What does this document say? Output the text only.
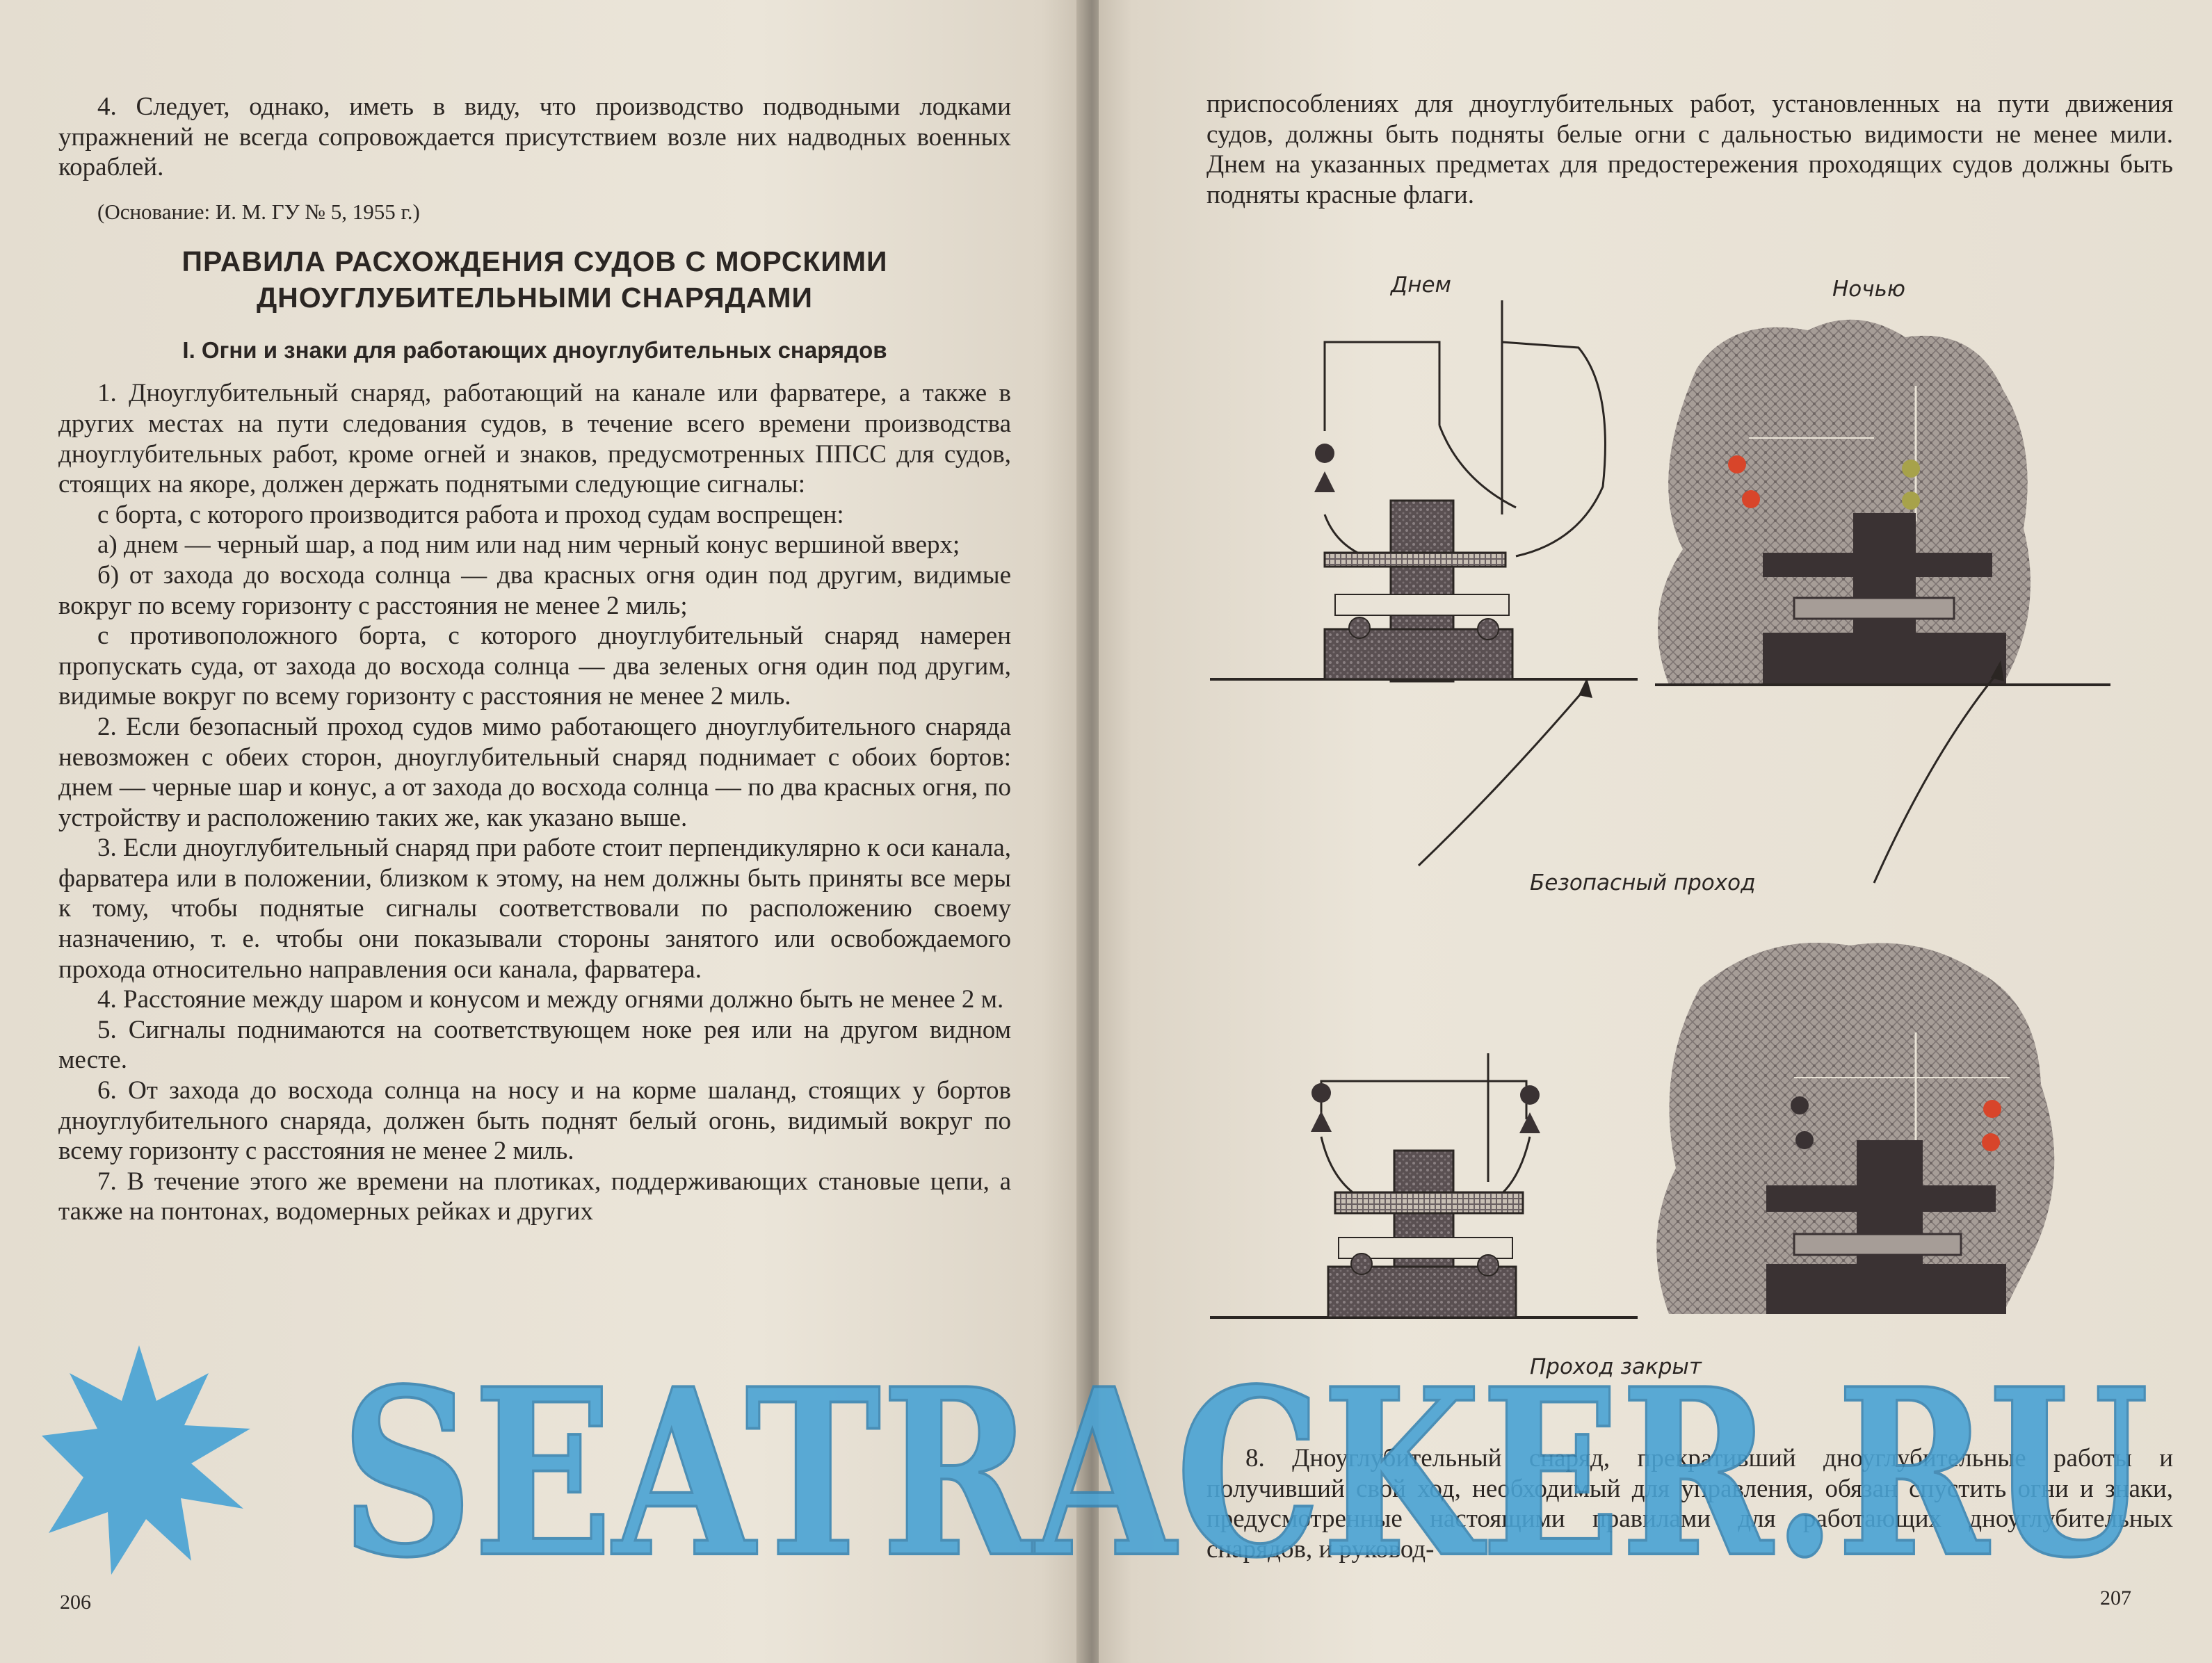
4. Следует, однако, иметь в виду, что производство подводными лодками упражнений не всегда сопровождается присутствием возле них надводных военных кораблей.

(Основание: И. М. ГУ № 5, 1955 г.)

ПРАВИЛА РАСХОЖДЕНИЯ СУДОВ С МОРСКИМИ
ДНОУГЛУБИТЕЛЬНЫМИ СНАРЯДАМИ
I. Огни и знаки для работающих дноуглубительных снарядов

1. Дноуглубительный снаряд, работающий на канале или фарватере, а также в других местах на пути следования судов, в течение всего времени производства дноуглубительных работ, кроме огней и знаков, предусмотренных ППСС для судов, стоящих на якоре, должен держать поднятыми следующие сигналы:

с борта, с которого производится работа и проход судам воспрещен:

а) днем — черный шар, а под ним или над ним черный конус вершиной вверх;

б) от захода до восхода солнца — два красных огня один под другим, видимые вокруг по всему горизонту с расстояния не менее 2 миль;

с противоположного борта, с которого дноуглубительный снаряд намерен пропускать суда, от захода до восхода солнца — два зеленых огня один под другим, видимые вокруг по всему горизонту с расстояния не менее 2 миль.

2. Если безопасный проход судов мимо работающего дноуглубительного снаряда невозможен с обеих сторон, дноуглубительный снаряд поднимает с обоих бортов: днем — черные шар и конус, а от захода до восхода солнца — по два красных огня, по устройству и расположению таких же, как указано выше.

3. Если дноуглубительный снаряд при работе стоит перпендикулярно к оси канала, фарватера или в положении, близком к этому, на нем должны быть приняты все меры к тому, чтобы поднятые сигналы соответствовали по расположению своему назначению, т. е. чтобы они показывали стороны занятого или освобождаемого прохода относительно направления оси канала, фарватера.

4. Расстояние между шаром и конусом и между огнями должно быть не менее 2 м.

5. Сигналы поднимаются на соответствующем ноке рея или на другом видном месте.

6. От захода до восхода солнца на носу и на корме шаланд, стоящих у бортов дноуглубительного снаряда, должен быть поднят белый огонь, видимый вокруг по всему горизонту с расстояния не менее 2 миль.

7. В течение этого же времени на плотиках, поддерживающих становые цепи, а также на понтонах, водомерных рейках и других

206

приспособлениях для дноуглубительных работ, установленных на пути движения судов, должны быть подняты белые огни с дальностью видимости не менее мили. Днем на указанных предметах для предостережения проходящих судов должны быть подняты красные флаги.

Днем	Ночью
Безопасный проход
Проход закрыт

8. Дноуглубительный снаряд, прекративший дноуглубительные работы и получивший свой ход, необходимый для управления, обязан спустить огни и знаки, предусмотренные настоящими правилами для работающих дноуглубительных снарядов, и руковод-

207
SEATRACKER.RU
